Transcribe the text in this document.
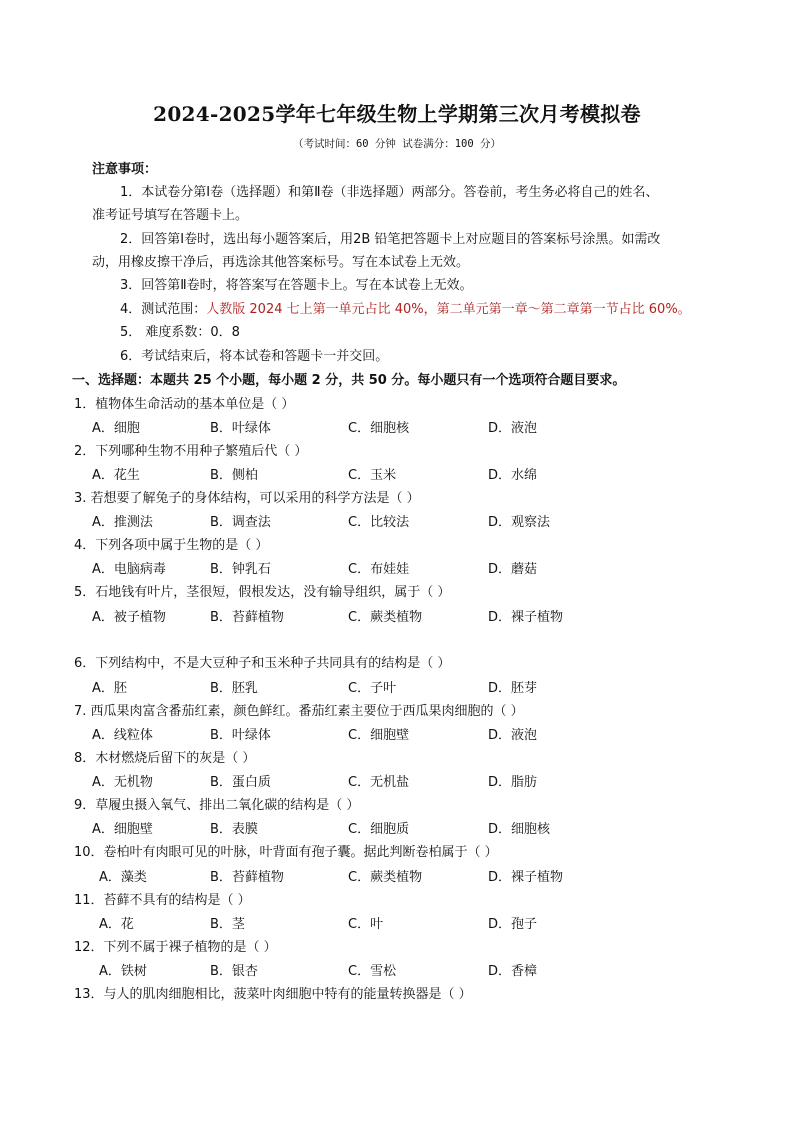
2024-2025学年七年级生物上学期第三次月考模拟卷
（考试时间：60 分钟 试卷满分：100 分）
注意事项：
1．本试卷分第Ⅰ卷（选择题）和第Ⅱ卷（非选择题）两部分。答卷前，考生务必将自己的姓名、
准考证号填写在答题卡上。
2．回答第Ⅰ卷时，选出每小题答案后，用2B 铅笔把答题卡上对应题目的答案标号涂黑。如需改
动，用橡皮擦干净后，再选涂其他答案标号。写在本试卷上无效。
3．回答第Ⅱ卷时，将答案写在答题卡上。写在本试卷上无效。
4．测试范围：人教版 2024 七上第一单元占比 40%，第二单元第一章～第二章第一节占比 60%。
5． 难度系数：0．8
6．考试结束后，将本试卷和答题卡一并交回。
一、选择题：本题共 25 个小题，每小题 2 分，共 50 分。每小题只有一个选项符合题目要求。
1．植物体生命活动的基本单位是（ ）
A．细胞	B．叶绿体	C．细胞核	D．液泡
2．下列哪种生物不用种子繁殖后代（ ）
A．花生	B．侧柏	C．玉米	D．水绵
3. 若想要了解兔子的身体结构，可以采用的科学方法是（ ）
A．推测法	B．调查法	C．比较法	D．观察法
4．下列各项中属于生物的是（ ）
A．电脑病毒	B．钟乳石	C．布娃娃	D．蘑菇
5．石地钱有叶片，茎很短，假根发达，没有输导组织，属于（ ）
A．被子植物	B．苔藓植物	C．蕨类植物	D．裸子植物
6．下列结构中，不是大豆种子和玉米种子共同具有的结构是（ ）
A．胚	B．胚乳	C．子叶	D．胚芽
7. 西瓜果肉富含番茄红素，颜色鲜红。番茄红素主要位于西瓜果肉细胞的（ ）
A．线粒体	B．叶绿体	C．细胞壁	D．液泡
8．木材燃烧后留下的灰是（ ）
A．无机物	B．蛋白质	C．无机盐	D．脂肪
9．草履虫摄入氧气、排出二氧化碳的结构是（ ）
A．细胞壁	B．表膜	C．细胞质	D．细胞核
10．卷柏叶有肉眼可见的叶脉，叶背面有孢子囊。据此判断卷柏属于（ ）
A．藻类	B．苔藓植物	C．蕨类植物	D．裸子植物
11．苔藓不具有的结构是（ ）
A．花	B．茎	C．叶	D．孢子
12．下列不属于裸子植物的是（ ）
A．铁树	B．银杏	C．雪松	D．香樟
13．与人的肌肉细胞相比，菠菜叶肉细胞中特有的能量转换器是（ ）
